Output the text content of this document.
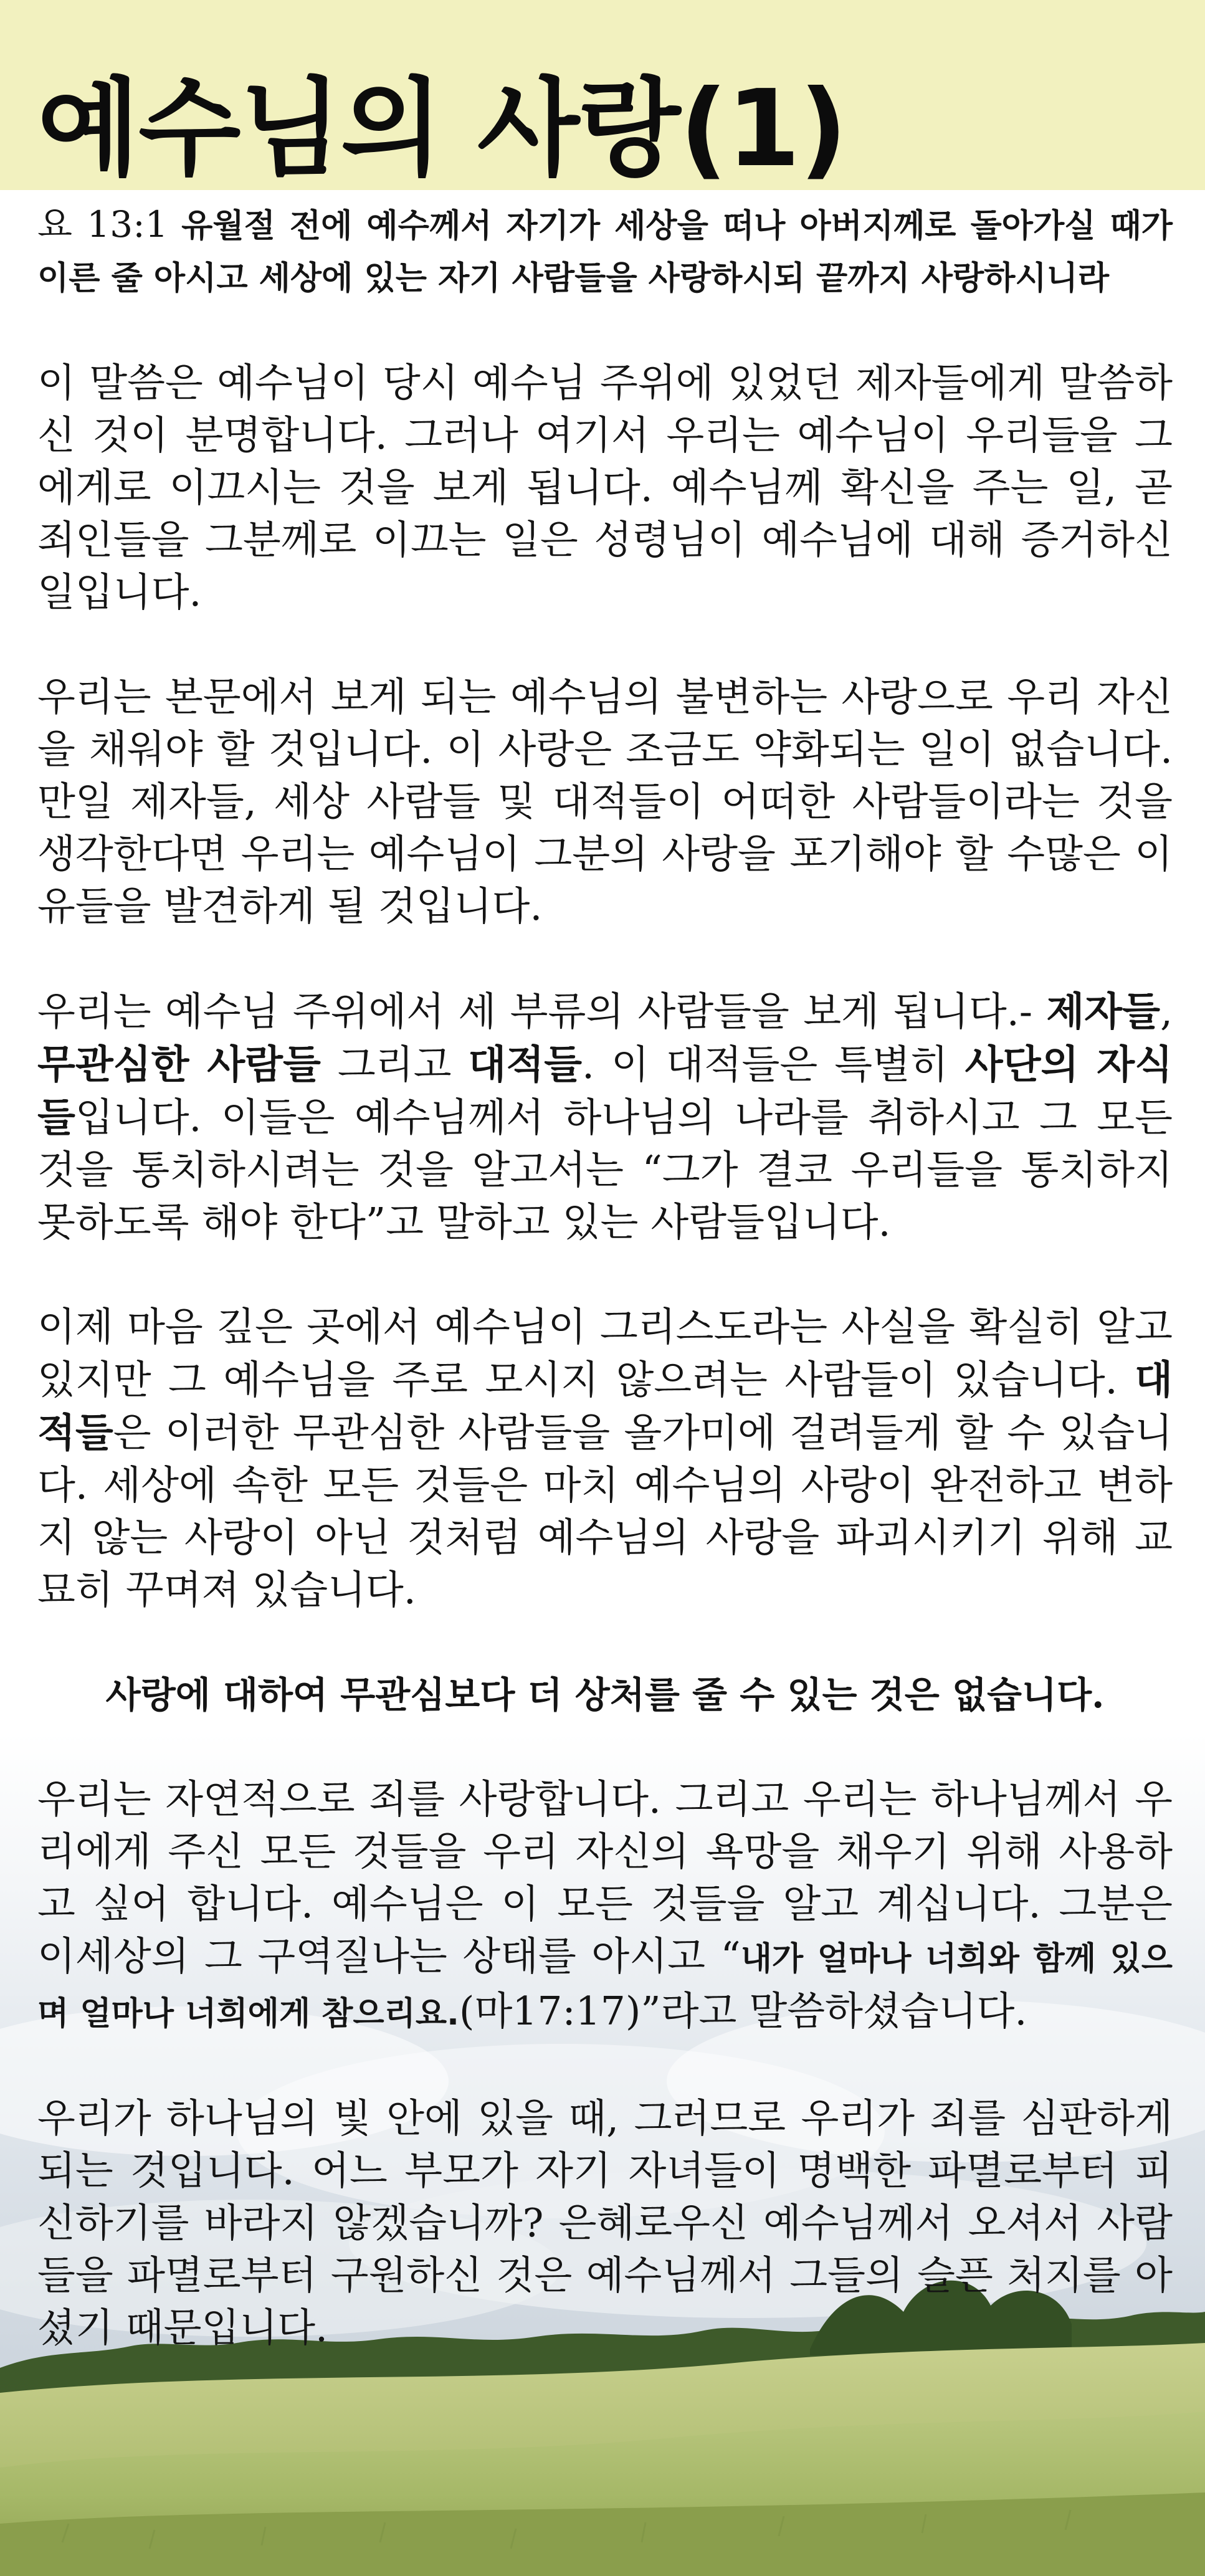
예수님의 사랑(1)
요 13:1 유월절 전에 예수께서 자기가 세상을 떠나 아버지께로 돌아가실 때가 이른 줄 아시고 세상에 있는 자기 사람들을 사랑하시되 끝까지 사랑하시니라

이 말씀은 예수님이 당시 예수님 주위에 있었던 제자들에게 말씀하신 것이 분명합니다. 그러나 여기서 우리는 예수님이 우리들을 그에게로 이끄시는 것을 보게 됩니다. 예수님께 확신을 주는 일, 곧 죄인들을 그분께로 이끄는 일은 성령님이 예수님에 대해 증거하신 일입니다.

우리는 본문에서 보게 되는 예수님의 불변하는 사랑으로 우리 자신을 채워야 할 것입니다. 이 사랑은 조금도 약화되는 일이 없습니다. 만일 제자들, 세상 사람들 및 대적들이 어떠한 사람들이라는 것을 생각한다면 우리는 예수님이 그분의 사랑을 포기해야 할 수많은 이유들을 발견하게 될 것입니다.

우리는 예수님 주위에서 세 부류의 사람들을 보게 됩니다.- 제자들, 무관심한 사람들 그리고 대적들. 이 대적들은 특별히 사단의 자식들입니다. 이들은 예수님께서 하나님의 나라를 취하시고 그 모든 것을 통치하시려는 것을 알고서는 “그가 결코 우리들을 통치하지 못하도록 해야 한다”고 말하고 있는 사람들입니다.

이제 마음 깊은 곳에서 예수님이 그리스도라는 사실을 확실히 알고 있지만 그 예수님을 주로 모시지 않으려는 사람들이 있습니다. 대적들은 이러한 무관심한 사람들을 올가미에 걸려들게 할 수 있습니다. 세상에 속한 모든 것들은 마치 예수님의 사랑이 완전하고 변하지 않는 사랑이 아닌 것처럼 예수님의 사랑을 파괴시키기 위해 교묘히 꾸며져 있습니다.

사랑에 대하여 무관심보다 더 상처를 줄 수 있는 것은 없습니다.

우리는 자연적으로 죄를 사랑합니다. 그리고 우리는 하나님께서 우리에게 주신 모든 것들을 우리 자신의 욕망을 채우기 위해 사용하고 싶어 합니다. 예수님은 이 모든 것들을 알고 계십니다. 그분은 이세상의 그 구역질나는 상태를 아시고 “내가 얼마나 너희와 함께 있으며 얼마나 너희에게 참으리요.(마17:17)”라고 말씀하셨습니다.

우리가 하나님의 빛 안에 있을 때, 그러므로 우리가 죄를 심판하게 되는 것입니다. 어느 부모가 자기 자녀들이 명백한 파멸로부터 피신하기를 바라지 않겠습니까? 은혜로우신 예수님께서 오셔서 사람들을 파멸로부터 구원하신 것은 예수님께서 그들의 슬픈 처지를 아셨기 때문입니다.
